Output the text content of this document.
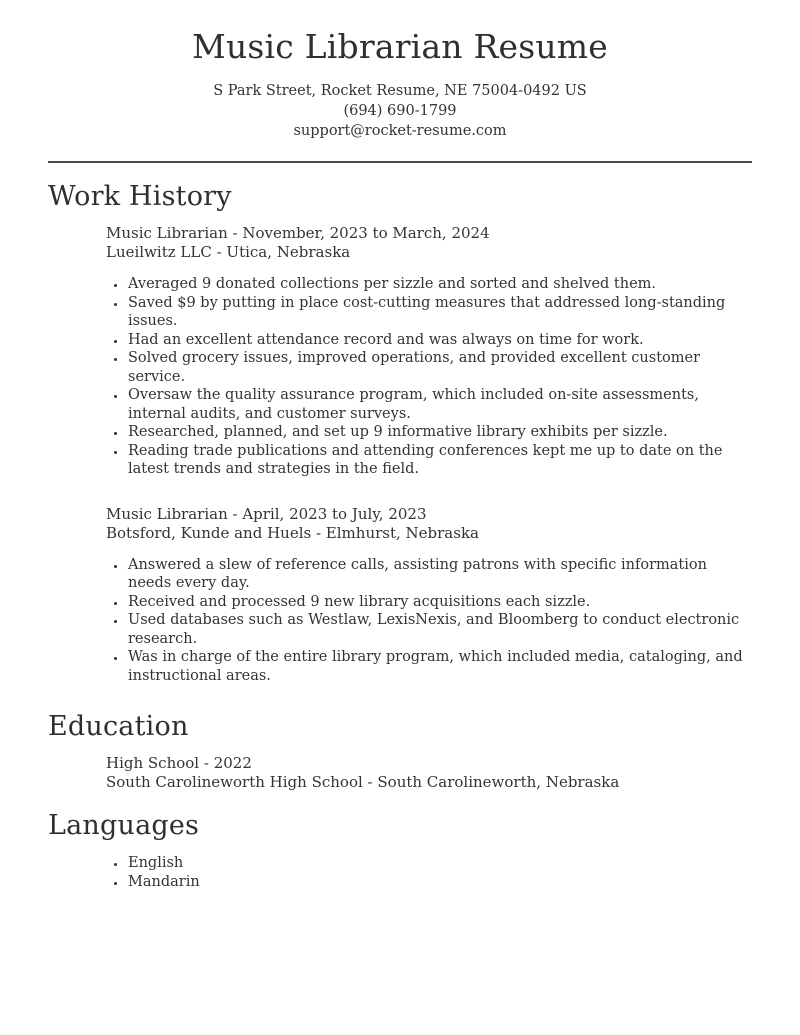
Music Librarian Resume

S Park Street, Rocket Resume, NE 75004-0492 US

(694) 690-1799

support@rocket-resume.com

Work History

Music Librarian - November, 2023 to March, 2024

Lueilwitz LLC - Utica, Nebraska

• Averaged 9 donated collections per sizzle and sorted and shelved them.
• Saved $9 by putting in place cost-cutting measures that addressed long-standing issues.
• Had an excellent attendance record and was always on time for work.
• Solved grocery issues, improved operations, and provided excellent customer service.
• Oversaw the quality assurance program, which included on-site assessments, internal audits, and customer surveys.
• Researched, planned, and set up 9 informative library exhibits per sizzle.
• Reading trade publications and attending conferences kept me up to date on the latest trends and strategies in the field.

Music Librarian - April, 2023 to July, 2023

Botsford, Kunde and Huels - Elmhurst, Nebraska

• Answered a slew of reference calls, assisting patrons with specific information needs every day.
• Received and processed 9 new library acquisitions each sizzle.
• Used databases such as Westlaw, LexisNexis, and Bloomberg to conduct electronic research.
• Was in charge of the entire library program, which included media, cataloging, and instructional areas.
Education

High School - 2022

South Carolineworth High School - South Carolineworth, Nebraska

Languages
• English
• Mandarin
